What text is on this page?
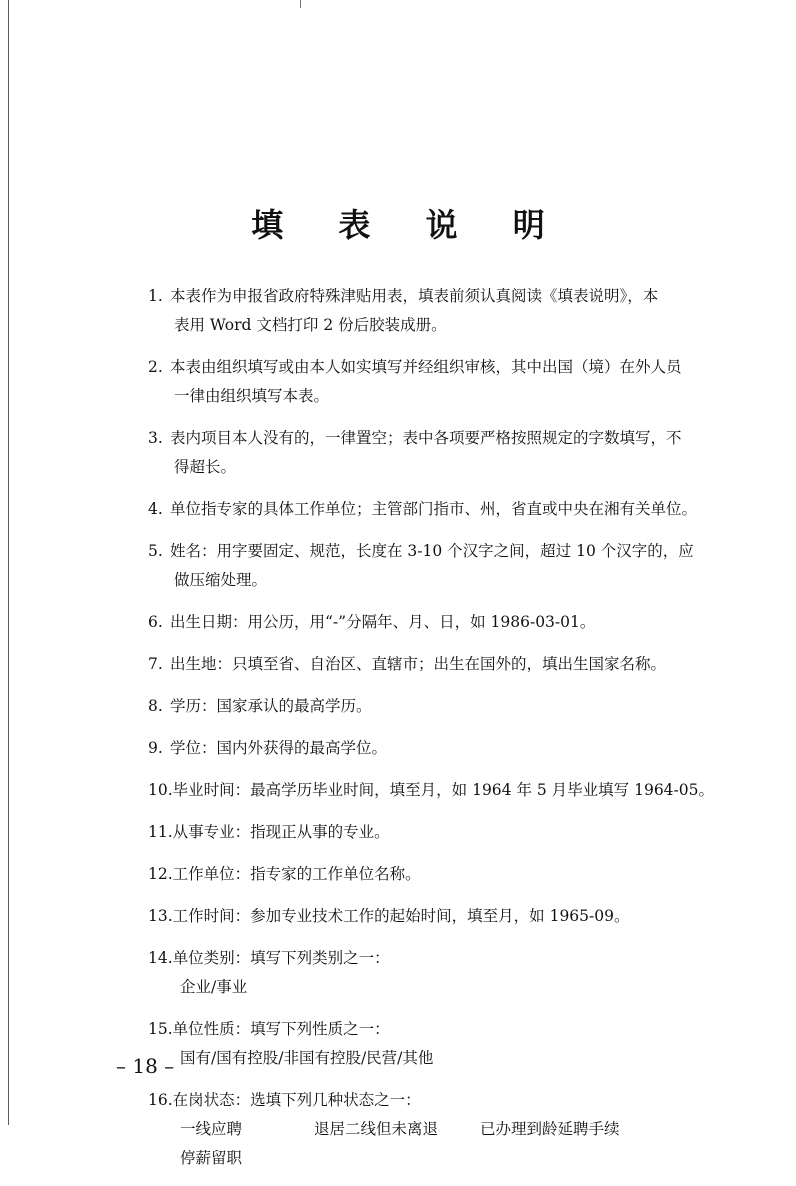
填 表 说 明
1. 本表作为申报省政府特殊津贴用表，填表前须认真阅读《填表说明》，本
表用 Word 文档打印 2 份后胶装成册。
2. 本表由组织填写或由本人如实填写并经组织审核，其中出国（境）在外人员
一律由组织填写本表。
3. 表内项目本人没有的，一律置空；表中各项要严格按照规定的字数填写，不
得超长。
4. 单位指专家的具体工作单位；主管部门指市、州，省直或中央在湘有关单位。
5. 姓名：用字要固定、规范，长度在 3-10 个汉字之间，超过 10 个汉字的，应
做压缩处理。
6. 出生日期：用公历，用“-”分隔年、月、日，如 1986-03-01。
7. 出生地：只填至省、自治区、直辖市；出生在国外的，填出生国家名称。
8. 学历：国家承认的最高学历。
9. 学位：国内外获得的最高学位。
10.毕业时间：最高学历毕业时间，填至月，如 1964 年 5 月毕业填写 1964-05。
11.从事专业：指现正从事的专业。
12.工作单位：指专家的工作单位名称。
13.工作时间：参加专业技术工作的起始时间，填至月，如 1965-09。
14.单位类别：填写下列类别之一：
企业/事业
15.单位性质：填写下列性质之一：
国有/国有控股/非国有控股/民营/其他
16.在岗状态：选填下列几种状态之一：
一线应聘	退居二线但未离退	已办理到龄延聘手续
停薪留职
– 18 –
